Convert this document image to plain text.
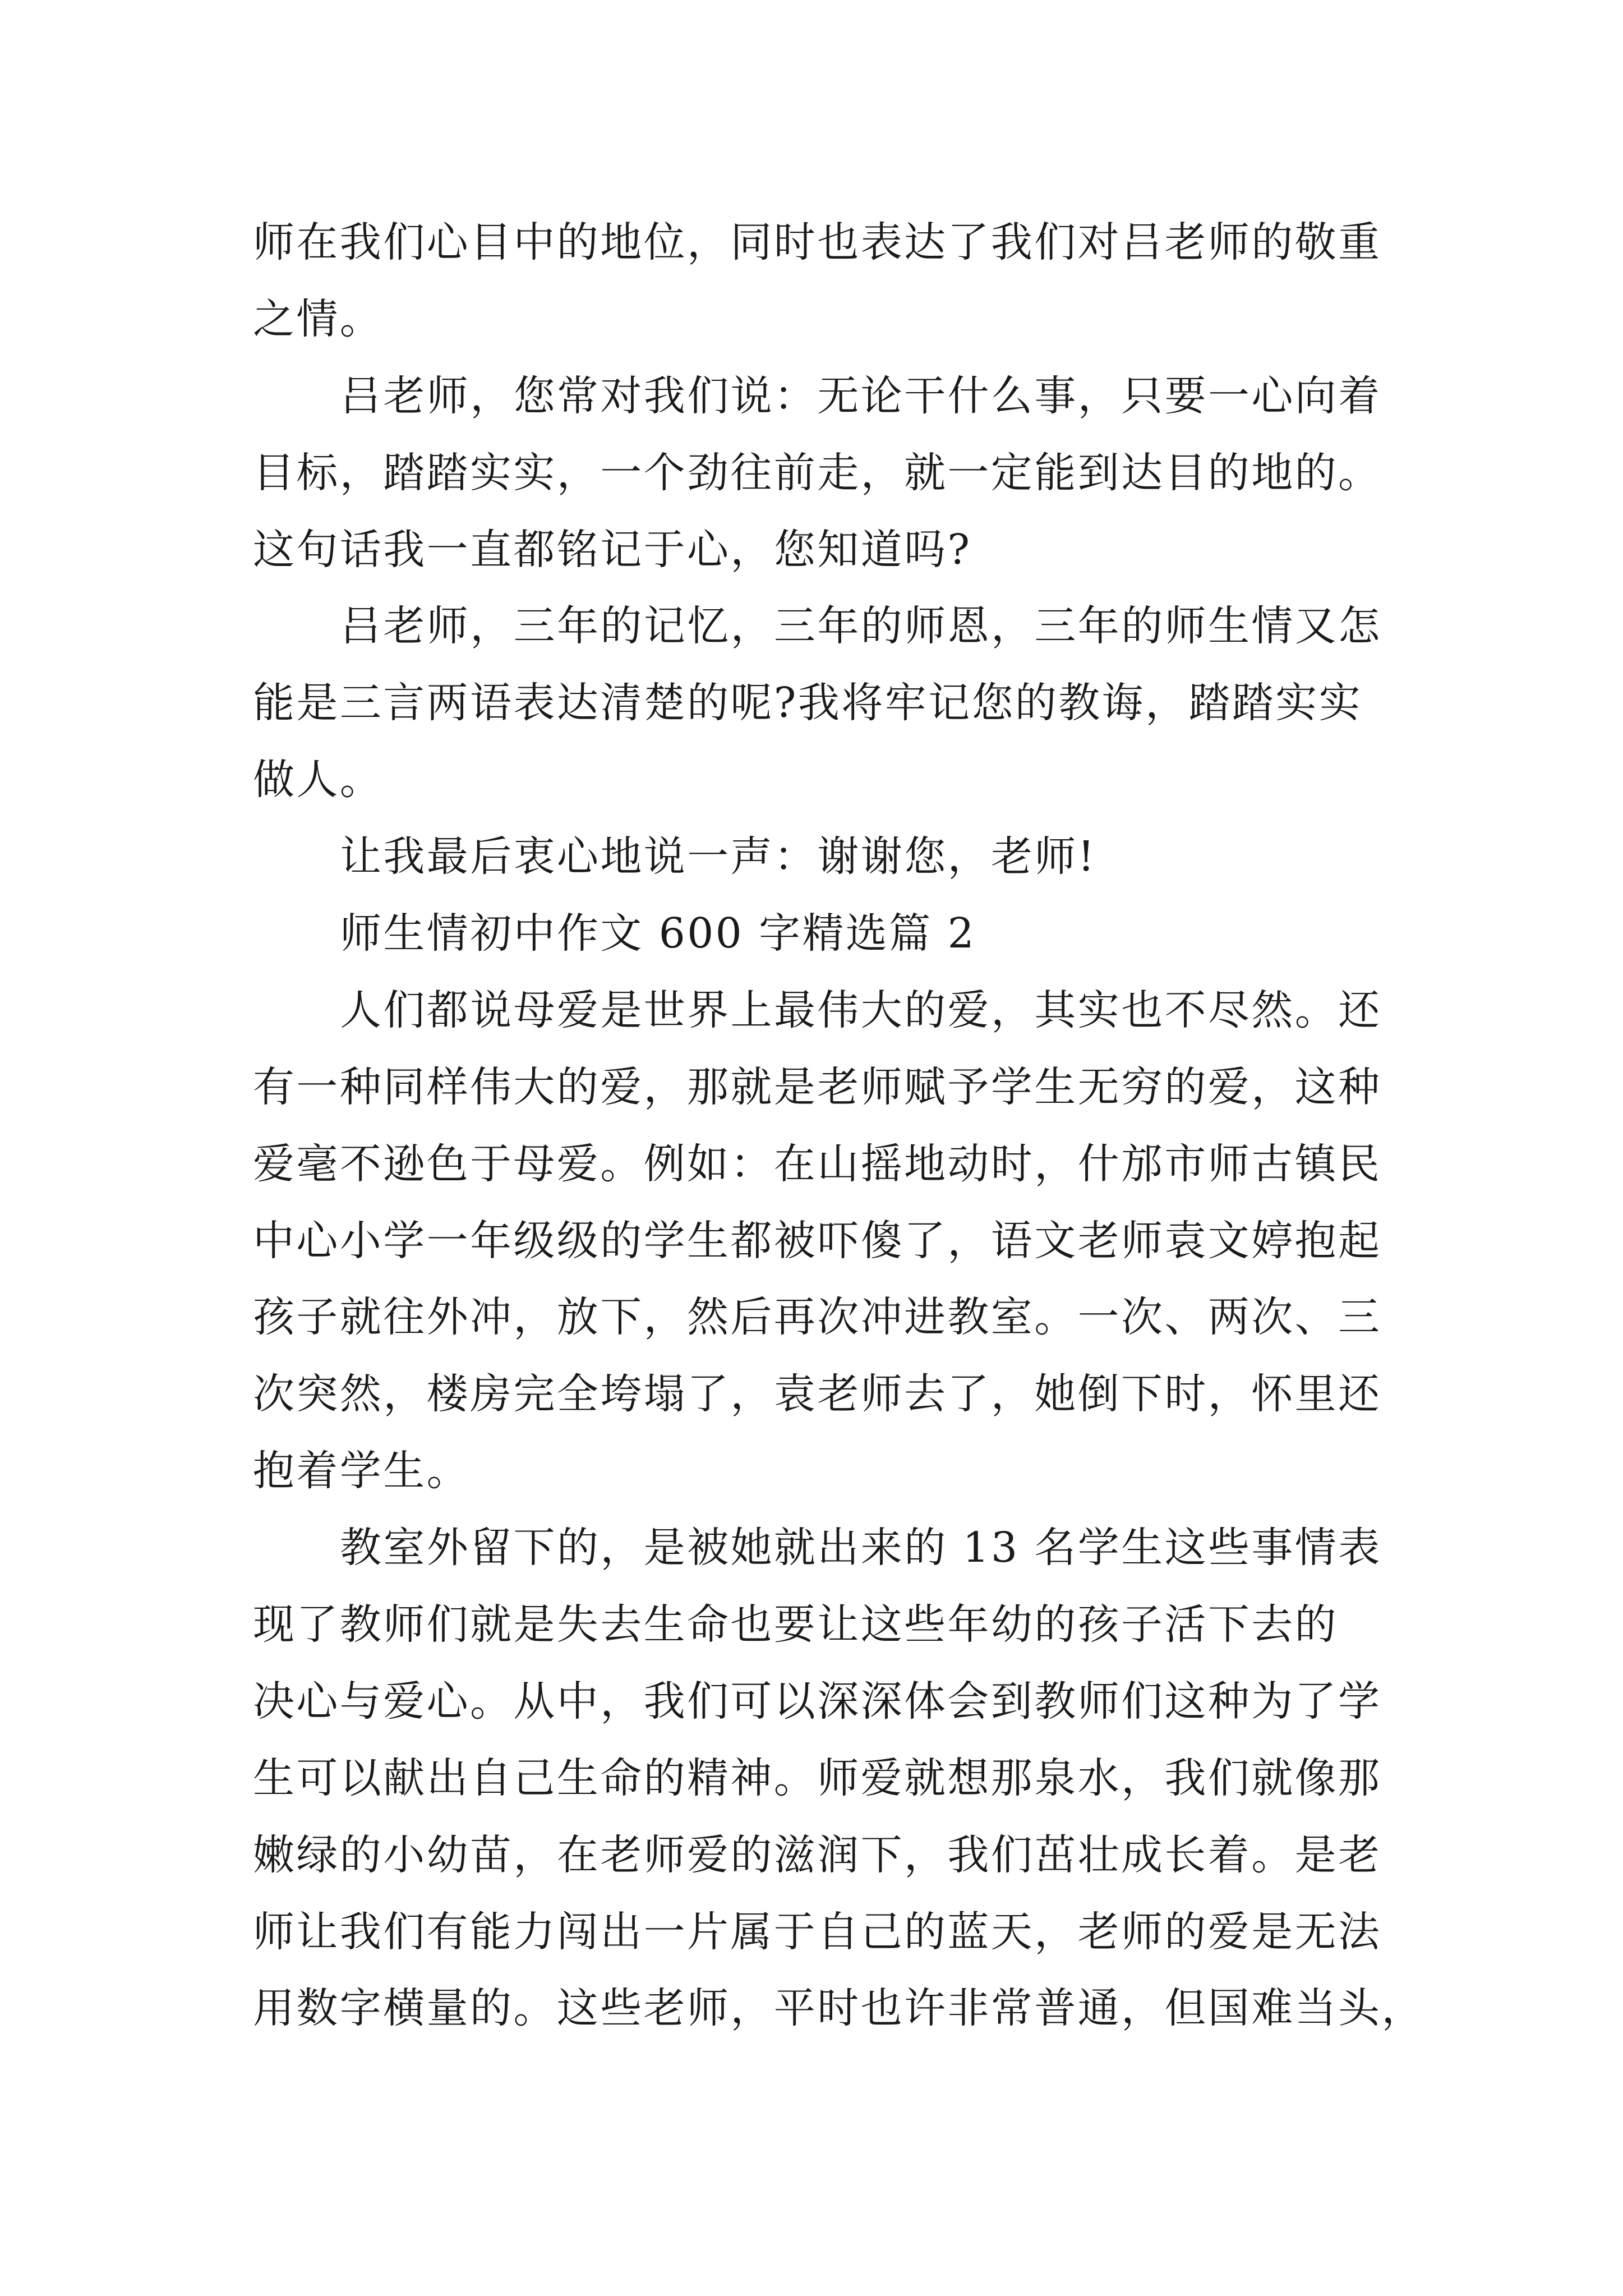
师在我们心目中的地位，同时也表达了我们对吕老师的敬重
之情。
吕老师，您常对我们说：无论干什么事，只要一心向着
目标，踏踏实实，一个劲往前走，就一定能到达目的地的。
这句话我一直都铭记于心，您知道吗?
吕老师，三年的记忆，三年的师恩，三年的师生情又怎
能是三言两语表达清楚的呢?我将牢记您的教诲，踏踏实实
做人。
让我最后衷心地说一声：谢谢您，老师!
师生情初中作文 600 字精选篇 2
人们都说母爱是世界上最伟大的爱，其实也不尽然。还
有一种同样伟大的爱，那就是老师赋予学生无穷的爱，这种
爱毫不逊色于母爱。例如：在山摇地动时，什邡市师古镇民
中心小学一年级级的学生都被吓傻了，语文老师袁文婷抱起
孩子就往外冲，放下，然后再次冲进教室。一次、两次、三
次突然，楼房完全垮塌了，袁老师去了，她倒下时，怀里还
抱着学生。
教室外留下的，是被她就出来的 13 名学生这些事情表
现了教师们就是失去生命也要让这些年幼的孩子活下去的
决心与爱心。从中，我们可以深深体会到教师们这种为了学
生可以献出自己生命的精神。师爱就想那泉水，我们就像那
嫩绿的小幼苗，在老师爱的滋润下，我们茁壮成长着。是老
师让我们有能力闯出一片属于自己的蓝天，老师的爱是无法
用数字横量的。这些老师，平时也许非常普通，但国难当头，
